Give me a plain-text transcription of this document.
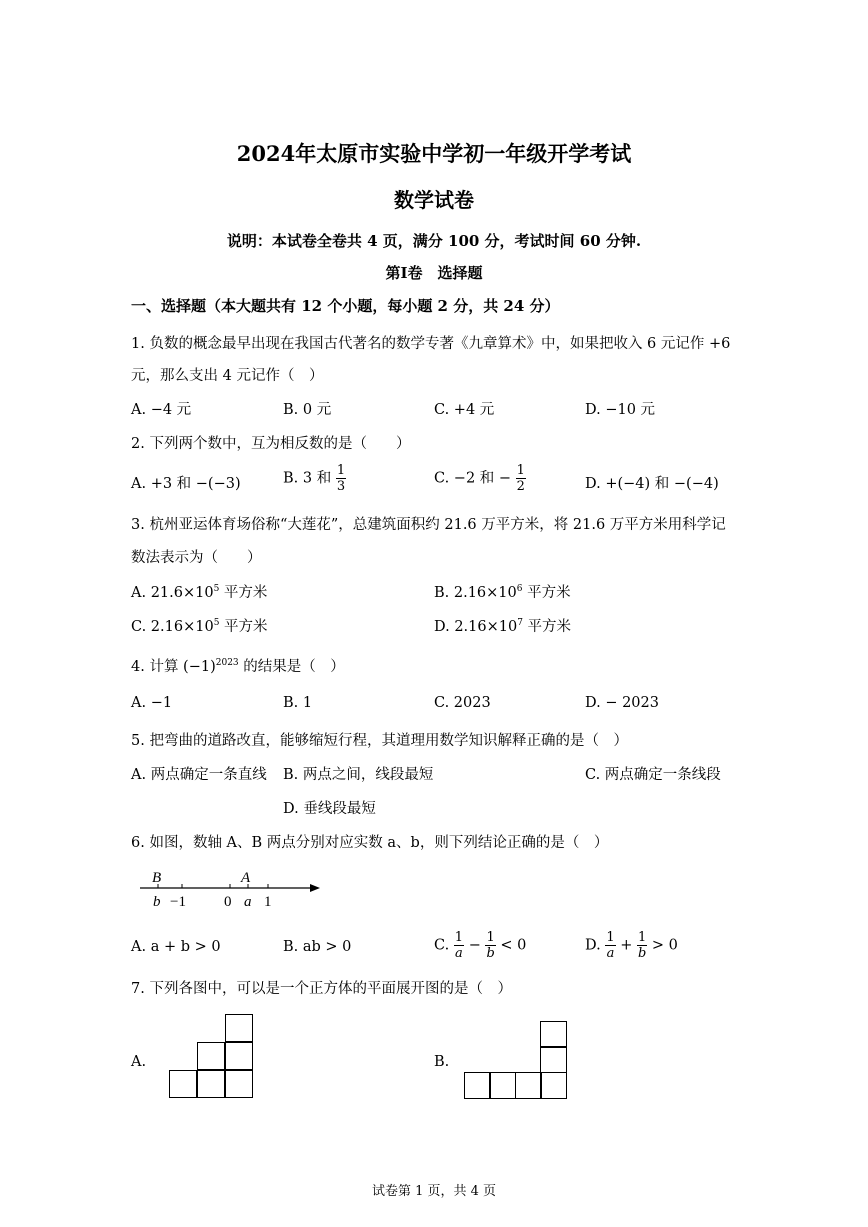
2024年太原市实验中学初一年级开学考试
数学试卷
说明：本试卷全卷共 4 页，满分 100 分，考试时间 60 分钟.
第I卷　选择题
一、选择题（本大题共有 12 个小题，每小题 2 分，共 24 分）
1. 负数的概念最早出现在我国古代著名的数学专著《九章算术》中，如果把收入 6 元记作 +6
元，那么支出 4 元记作（　）
A. −4 元	B. 0 元	C. +4 元	D. −10 元
2. 下列两个数中，互为相反数的是（　　）
A. +3 和 −(−3)	B. 3 和 $\frac{1}{3}$	C. −2 和 − $\frac{1}{2}$	D. +(−4) 和 −(−4)
3. 杭州亚运体育场俗称“大莲花”，总建筑面积约 21.6 万平方米，将 21.6 万平方米用科学记
数法表示为（　　）
A. $21.6\times 10^5$ 平方米	B. $2.16\times 10^6$ 平方米
C. $2.16\times 10^5$ 平方米	D. $2.16\times 10^7$ 平方米
4. 计算 $(-1)^{2023}$ 的结果是（　）
A. −1	B. 1	C. 2023	D. − 2023
5. 把弯曲的道路改直，能够缩短行程，其道理用数学知识解释正确的是（　）
A. 两点确定一条直线 B. 两点之间，线段最短	C. 两点确定一条线段
D. 垂线段最短
6. 如图，数轴 A、B 两点分别对应实数 a、b，则下列结论正确的是（　）
B
b −1	0
A
a 1
A. a + b > 0	B. ab > 0	C. $\frac{1}{a} - \frac{1}{b} < 0$	D. $\frac{1}{a} + \frac{1}{b} > 0$
7. 下列各图中，可以是一个正方体的平面展开图的是（　）
A.	B.
试卷第 1 页，共 4 页
